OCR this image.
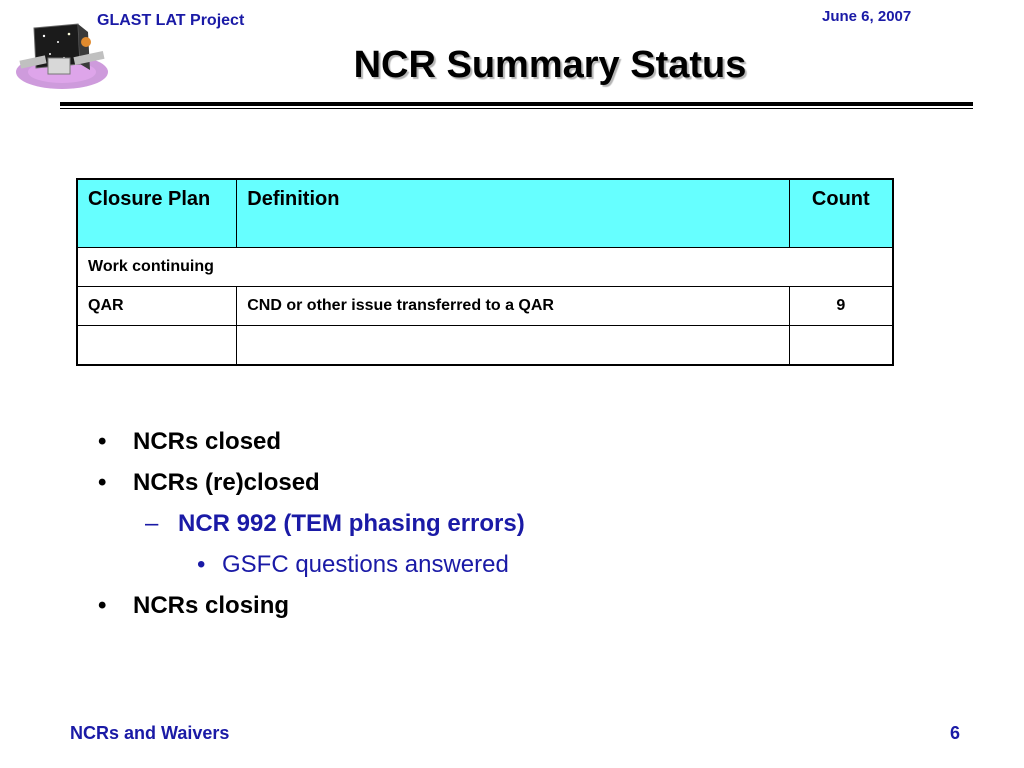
GLAST LAT Project	June 6, 2007
NCR Summary Status
Closure Plan	Definition	Count
Work continuing		
QAR	CND or other issue transferred to a QAR	9

• NCRs closed
• NCRs (re)closed
– NCR 992 (TEM phasing errors)
• GSFC questions answered
• NCRs closing
NCRs and Waivers	6
